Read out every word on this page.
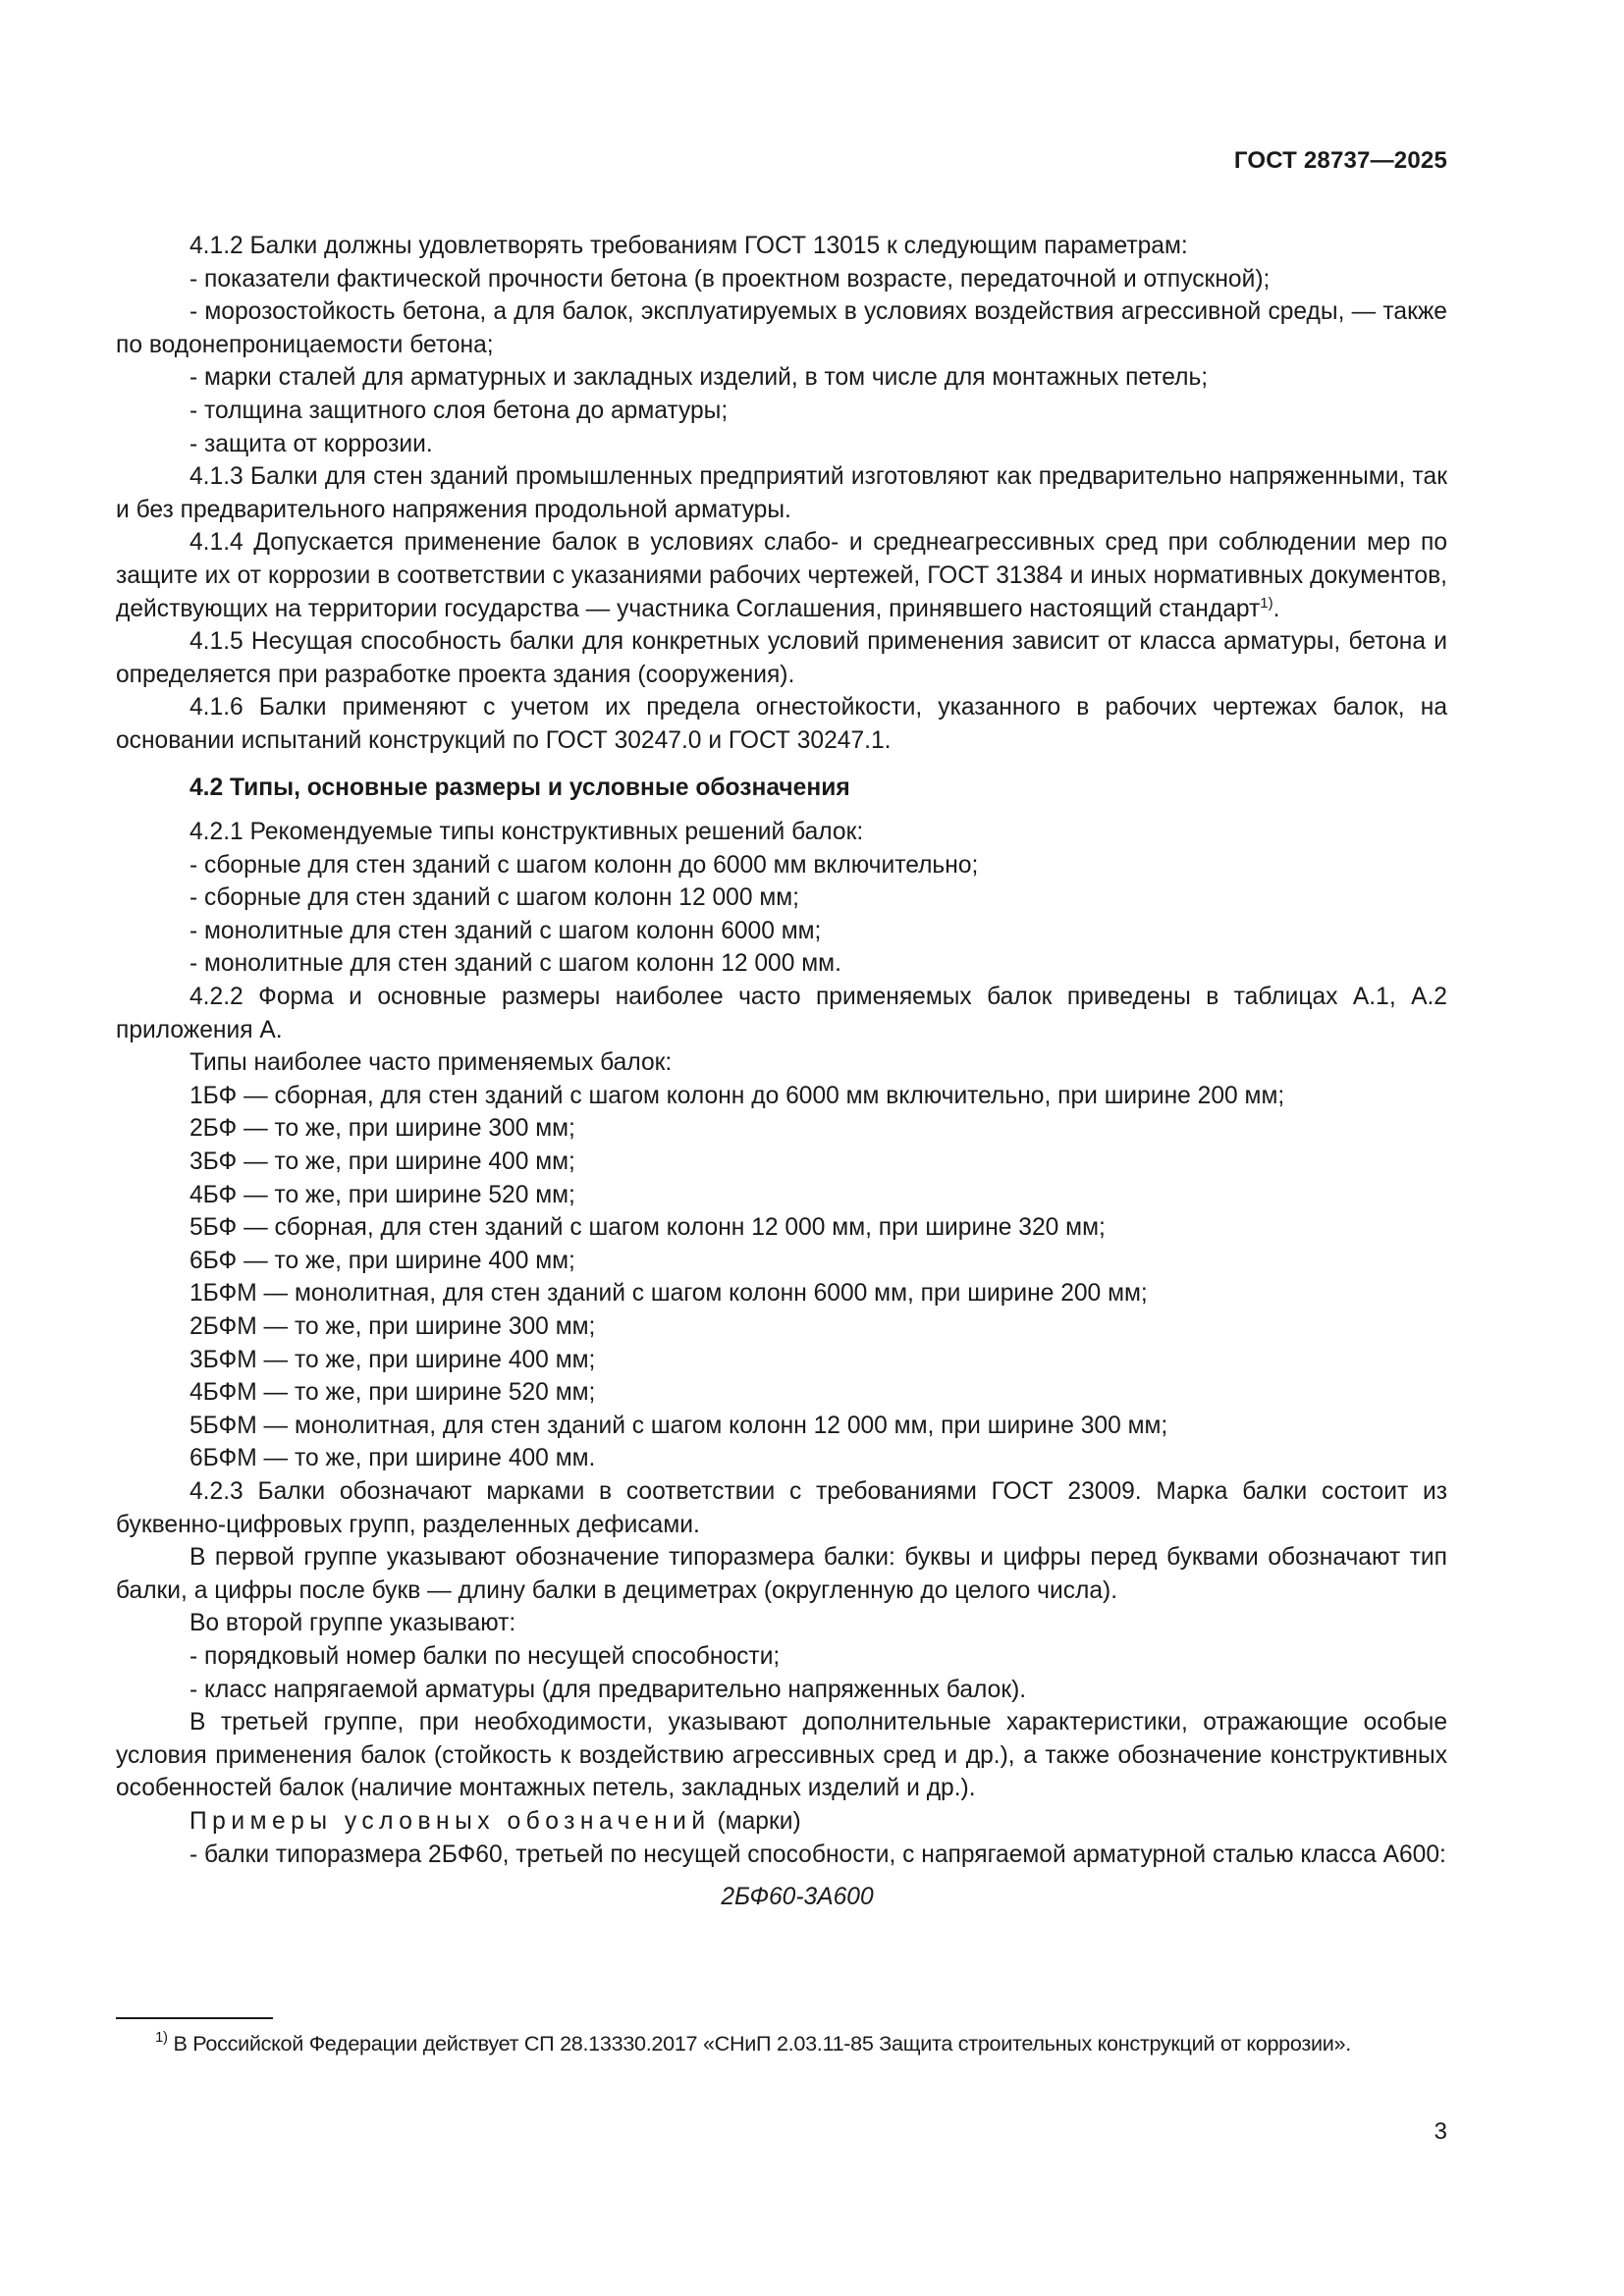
ГОСТ 28737—2025

4.1.2 Балки должны удовлетворять требованиям ГОСТ 13015 к следующим параметрам:

- показатели фактической прочности бетона (в проектном возрасте, передаточной и отпускной);

- морозостойкость бетона, а для балок, эксплуатируемых в условиях воздействия агрессивной среды, — также по водонепроницаемости бетона;

- марки сталей для арматурных и закладных изделий, в том числе для монтажных петель;

- толщина защитного слоя бетона до арматуры;

- защита от коррозии.

4.1.3 Балки для стен зданий промышленных предприятий изготовляют как предварительно напряженными, так и без предварительного напряжения продольной арматуры.

4.1.4 Допускается применение балок в условиях слабо- и среднеагрессивных сред при соблюдении мер по защите их от коррозии в соответствии с указаниями рабочих чертежей, ГОСТ 31384 и иных нормативных документов, действующих на территории государства — участника Соглашения, принявшего настоящий стандарт$^{1)}$.

4.1.5 Несущая способность балки для конкретных условий применения зависит от класса арматуры, бетона и определяется при разработке проекта здания (сооружения).

4.1.6 Балки применяют с учетом их предела огнестойкости, указанного в рабочих чертежах балок, на основании испытаний конструкций по ГОСТ 30247.0 и ГОСТ 30247.1.

4.2 Типы, основные размеры и условные обозначения

4.2.1 Рекомендуемые типы конструктивных решений балок:

- сборные для стен зданий с шагом колонн до 6000 мм включительно;

- сборные для стен зданий с шагом колонн 12 000 мм;

- монолитные для стен зданий с шагом колонн 6000 мм;

- монолитные для стен зданий с шагом колонн 12 000 мм.

4.2.2 Форма и основные размеры наиболее часто применяемых балок приведены в таблицах А.1, А.2 приложения А.

Типы наиболее часто применяемых балок:

1БФ — сборная, для стен зданий с шагом колонн до 6000 мм включительно, при ширине 200 мм;

2БФ — то же, при ширине 300 мм;

3БФ — то же, при ширине 400 мм;

4БФ — то же, при ширине 520 мм;

5БФ — сборная, для стен зданий с шагом колонн 12 000 мм, при ширине 320 мм;

6БФ — то же, при ширине 400 мм;

1БФМ — монолитная, для стен зданий с шагом колонн 6000 мм, при ширине 200 мм;

2БФМ — то же, при ширине 300 мм;

3БФМ — то же, при ширине 400 мм;

4БФМ — то же, при ширине 520 мм;

5БФМ — монолитная, для стен зданий с шагом колонн 12 000 мм, при ширине 300 мм;

6БФМ — то же, при ширине 400 мм.

4.2.3 Балки обозначают марками в соответствии с требованиями ГОСТ 23009. Марка балки состоит из буквенно-цифровых групп, разделенных дефисами.

В первой группе указывают обозначение типоразмера балки: буквы и цифры перед буквами обозначают тип балки, а цифры после букв — длину балки в дециметрах (округленную до целого числа).

Во второй группе указывают:

- порядковый номер балки по несущей способности;

- класс напрягаемой арматуры (для предварительно напряженных балок).

В третьей группе, при необходимости, указывают дополнительные характеристики, отражающие особые условия применения балок (стойкость к воздействию агрессивных сред и др.), а также обозначение конструктивных особенностей балок (наличие монтажных петель, закладных изделий и др.).

Примеры условных обозначений (марки)

- балки типоразмера 2БФ60, третьей по несущей способности, с напрягаемой арматурной сталью класса А600:

2БФ60-3А600

$^{1)}$ В Российской Федерации действует СП 28.13330.2017 «СНиП 2.03.11-85 Защита строительных конструкций от коррозии».

3
